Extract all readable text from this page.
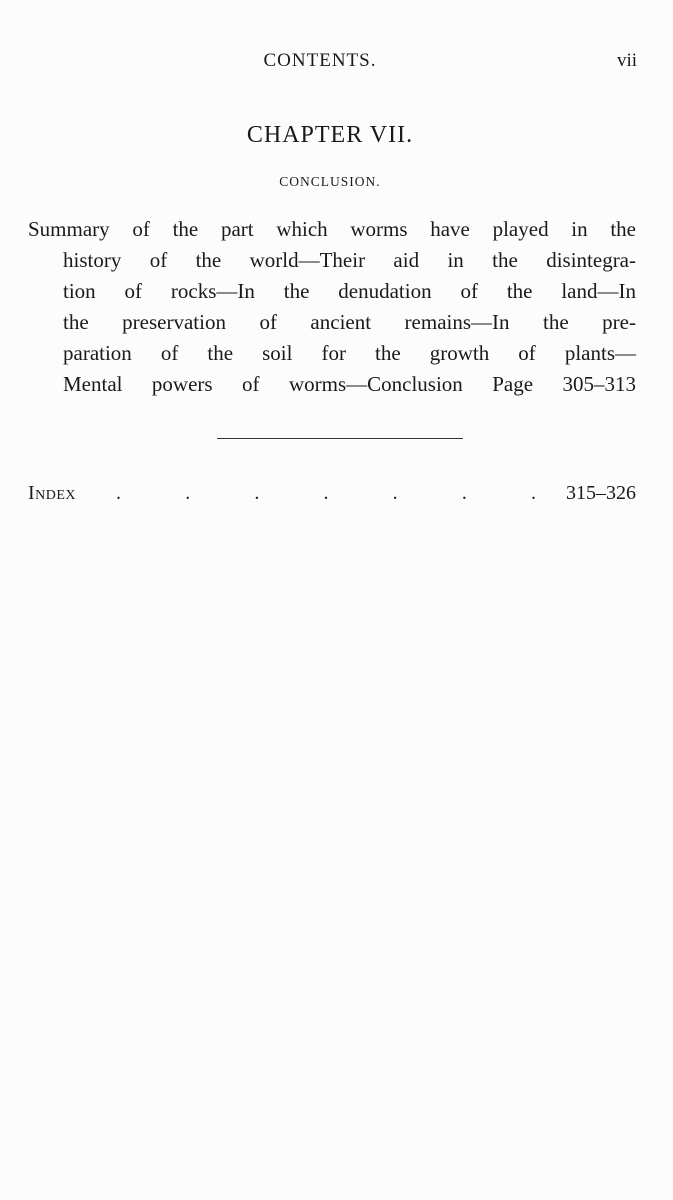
CONTENTS.	vii
CHAPTER VII.
CONCLUSION.
Summary of the part which worms have played in the
history of the world—Their aid in the disintegra-
tion of rocks—In the denudation of the land—In
the preservation of ancient remains—In the pre-
paration of the soil for the growth of plants—
Mental powers of worms—Conclusion Page 305–313
Index .	.	.	.	.	.	. 315–326
